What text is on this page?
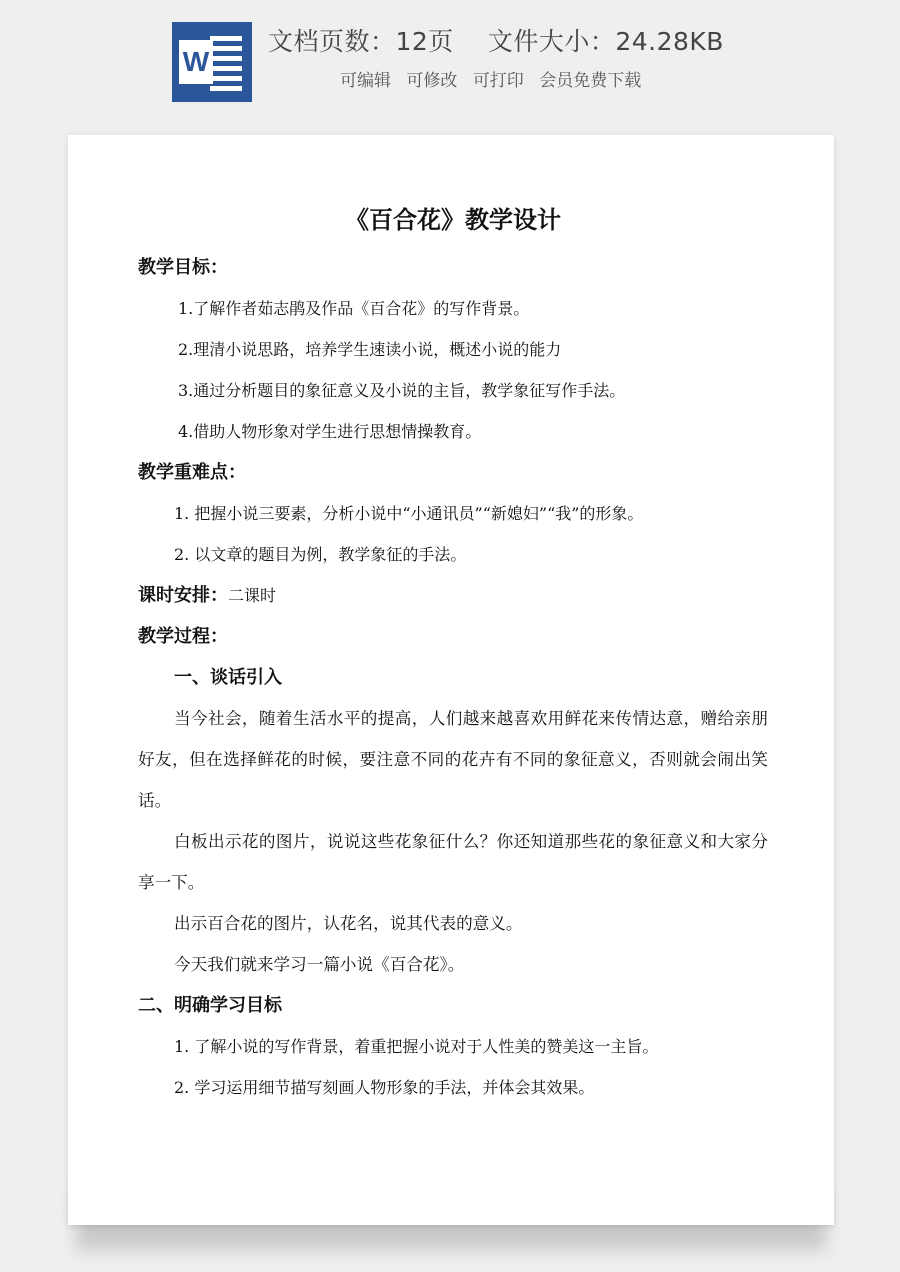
W
文档页数：12页 文件大小：24.28KB
可编辑 可修改 可打印 会员免费下载
《百合花》教学设计
教学目标：
1.了解作者茹志鹃及作品《百合花》的写作背景。
2.理清小说思路，培养学生速读小说，概述小说的能力
3.通过分析题目的象征意义及小说的主旨，教学象征写作手法。
4.借助人物形象对学生进行思想情操教育。
教学重难点：
1. 把握小说三要素，分析小说中“小通讯员”“新媳妇”“我”的形象。
2. 以文章的题目为例，教学象征的手法。
课时安排：二课时
教学过程：
一、谈话引入

当今社会，随着生活水平的提高，人们越来越喜欢用鲜花来传情达意，赠给亲朋好友，但在选择鲜花的时候，要注意不同的花卉有不同的象征意义，否则就会闹出笑话。

白板出示花的图片，说说这些花象征什么？你还知道那些花的象征意义和大家分享一下。

出示百合花的图片，认花名，说其代表的意义。

今天我们就来学习一篇小说《百合花》。

二、明确学习目标
1. 了解小说的写作背景，着重把握小说对于人性美的赞美这一主旨。
2. 学习运用细节描写刻画人物形象的手法，并体会其效果。
